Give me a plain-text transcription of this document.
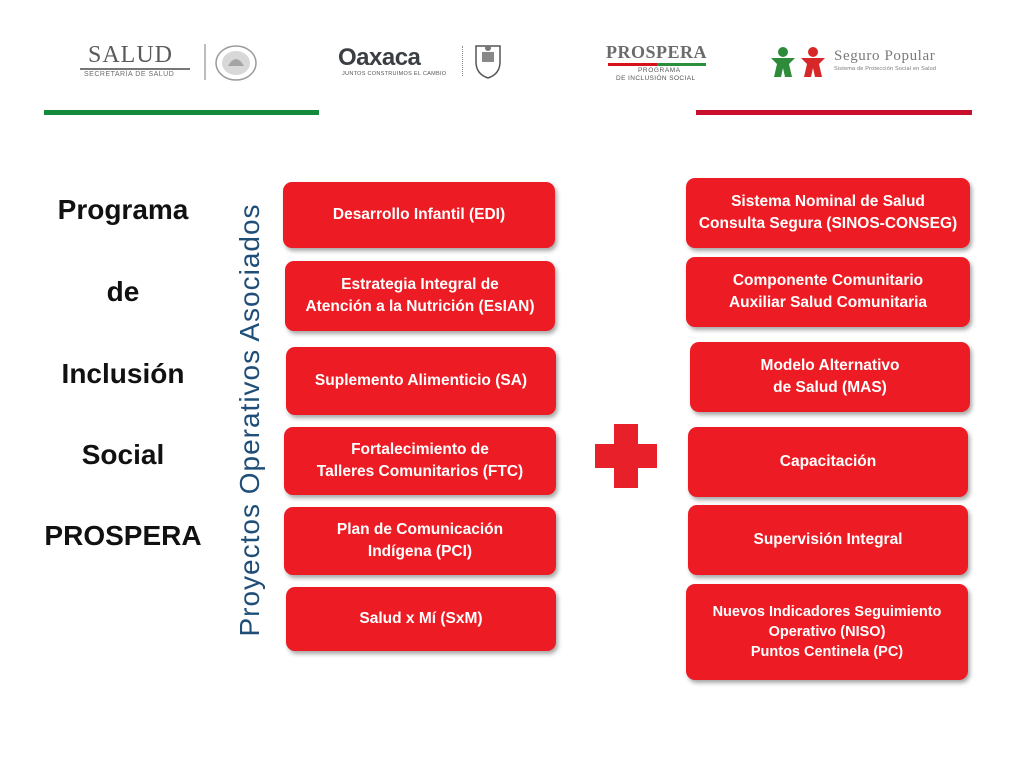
SALUD
SECRETARÍA DE SALUD
Oaxaca
JUNTOS CONSTRUIMOS EL CAMBIO
PROSPERA
PROGRAMA
DE INCLUSIÓN SOCIAL
Seguro Popular
Sistema de Protección Social en Salud
Programa
de
Inclusión
Social
PROSPERA	Proyectos Operativos Asociados	Desarrollo Infantil (EDI)
Estrategia Integral de
Atención a la Nutrición (EsIAN)
Suplemento Alimenticio (SA)
Fortalecimiento de
Talleres Comunitarios (FTC)
Plan de Comunicación
Indígena (PCI)
Salud x Mí (SxM)
Sistema Nominal de Salud
Consulta Segura (SINOS-CONSEG)
Componente Comunitario
Auxiliar Salud Comunitaria
Modelo Alternativo
de Salud (MAS)
Capacitación
Supervisión Integral
Nuevos Indicadores Seguimiento
Operativo (NISO)
Puntos Centinela (PC)
